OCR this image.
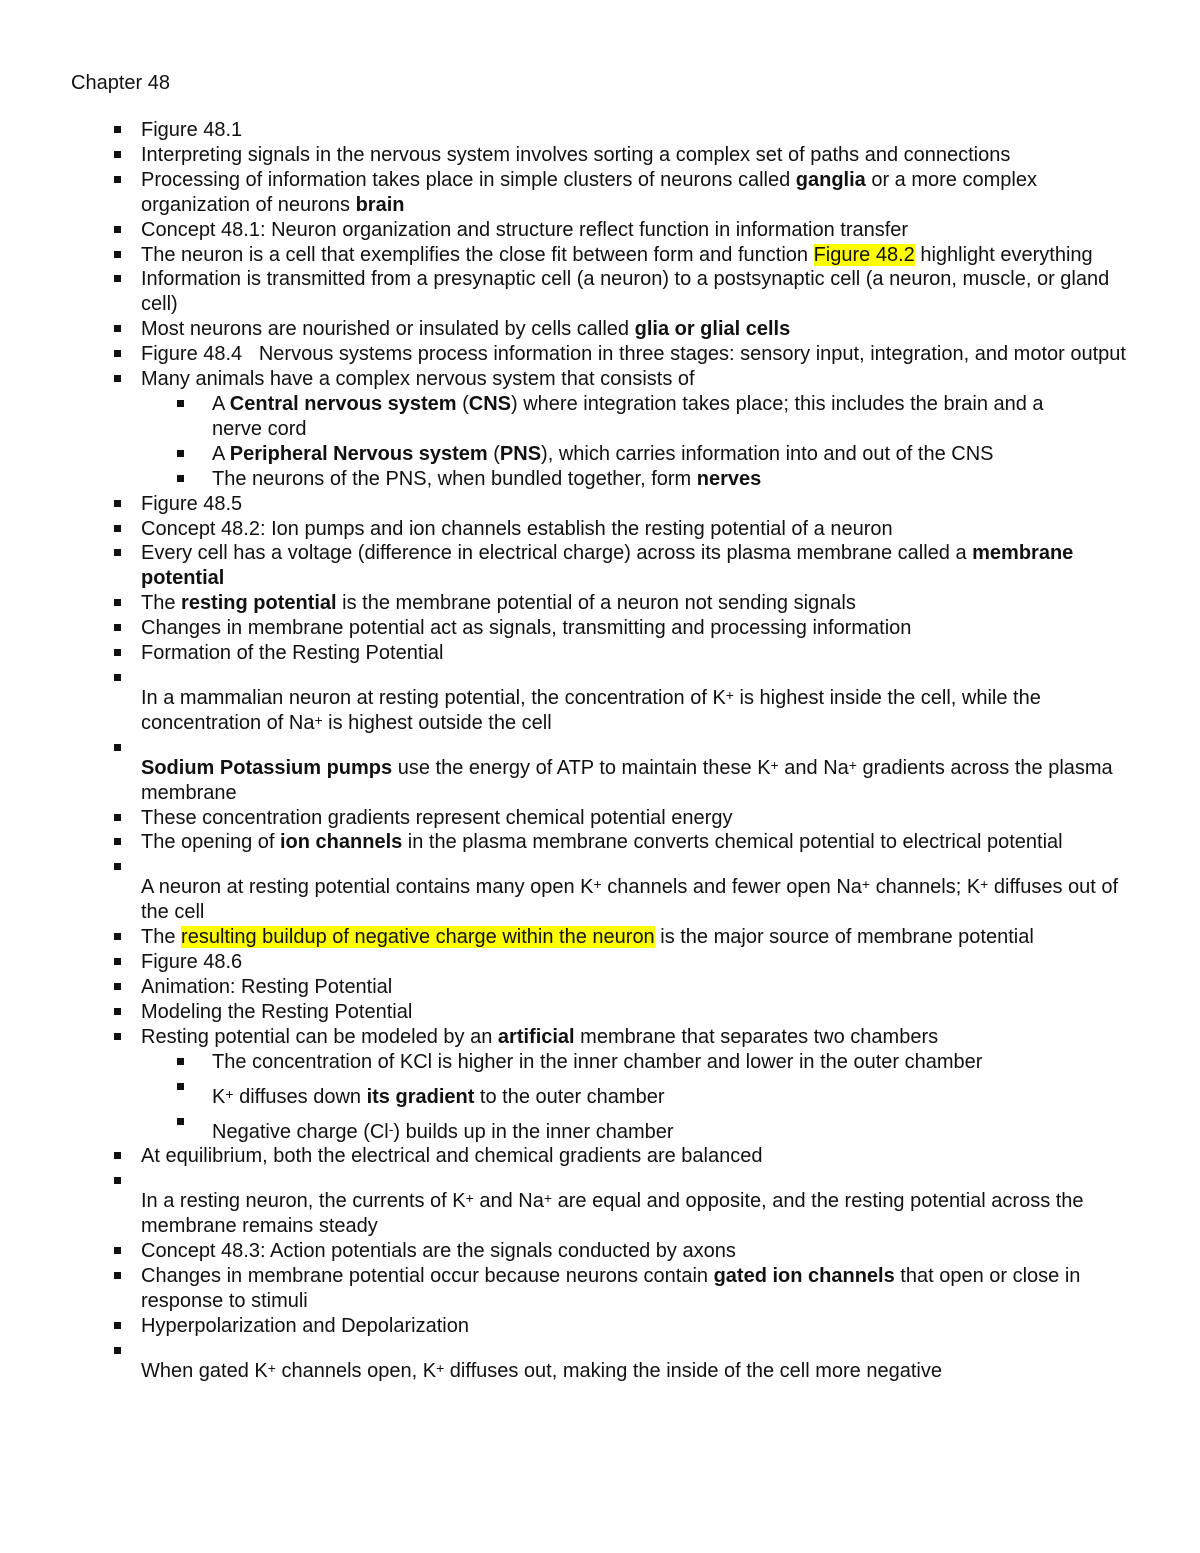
Chapter 48
Figure 48.1
Interpreting signals in the nervous system involves sorting a complex set of paths and connections
Processing of information takes place in simple clusters of neurons called ganglia or a more complex organization of neurons brain
Concept 48.1: Neuron organization and structure reflect function in information transfer
The neuron is a cell that exemplifies the close fit between form and function Figure 48.2 highlight everything
Information is transmitted from a presynaptic cell (a neuron) to a postsynaptic cell (a neuron, muscle, or gland cell)
Most neurons are nourished or insulated by cells called glia or glial cells
Figure 48.4   Nervous systems process information in three stages: sensory input, integration, and motor output
Many animals have a complex nervous system that consists of
A Central nervous system (CNS) where integration takes place; this includes the brain and a nerve cord
A Peripheral Nervous system (PNS), which carries information into and out of the CNS
The neurons of the PNS, when bundled together, form nerves
Figure 48.5
Concept 48.2: Ion pumps and ion channels establish the resting potential of a neuron
Every cell has a voltage (difference in electrical charge) across its plasma membrane called a membrane potential
The resting potential is the membrane potential of a neuron not sending signals
Changes in membrane potential act as signals, transmitting and processing information
Formation of the Resting Potential
In a mammalian neuron at resting potential, the concentration of K+ is highest inside the cell, while the concentration of Na+ is highest outside the cell
Sodium Potassium pumps use the energy of ATP to maintain these K+ and Na+ gradients across the plasma membrane
These concentration gradients represent chemical potential energy
The opening of ion channels in the plasma membrane converts chemical potential to electrical potential
A neuron at resting potential contains many open K+ channels and fewer open Na+ channels; K+ diffuses out of the cell
The resulting buildup of negative charge within the neuron is the major source of membrane potential
Figure 48.6
Animation: Resting Potential
Modeling the Resting Potential
Resting potential can be modeled by an artificial membrane that separates two chambers
The concentration of KCl is higher in the inner chamber and lower in the outer chamber
K+ diffuses down its gradient to the outer chamber
Negative charge (Cl-) builds up in the inner chamber
At equilibrium, both the electrical and chemical gradients are balanced
In a resting neuron, the currents of K+ and Na+ are equal and opposite, and the resting potential across the membrane remains steady
Concept 48.3: Action potentials are the signals conducted by axons
Changes in membrane potential occur because neurons contain gated ion channels that open or close in response to stimuli
Hyperpolarization and Depolarization
When gated K+ channels open, K+ diffuses out, making the inside of the cell more negative
